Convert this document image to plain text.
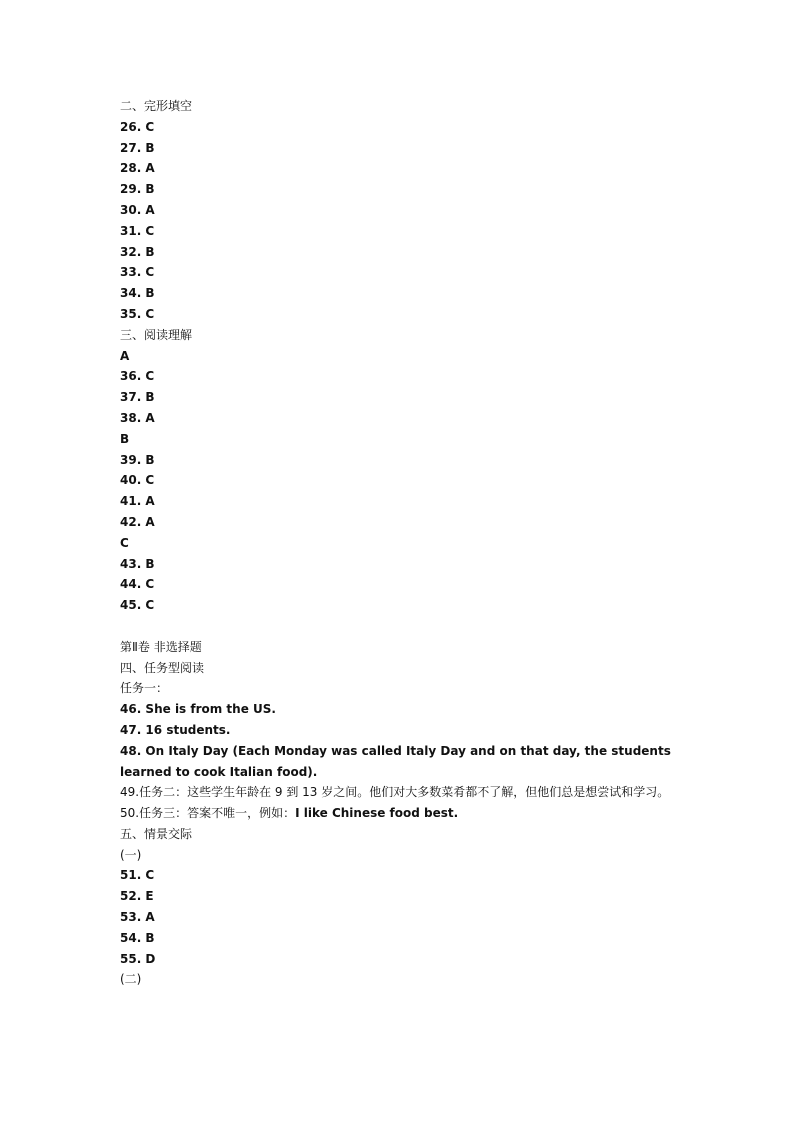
二、完形填空
26. C
27. B
28. A
29. B
30. A
31. C
32. B
33. C
34. B
35. C
三、阅读理解
A
36. C
37. B
38. A
B
39. B
40. C
41. A
42. A
C
43. B
44. C
45. C
第Ⅱ卷 非选择题
四、任务型阅读
任务一：
46. She is from the US.
47. 16 students.
48. On Italy Day (Each Monday was called Italy Day and on that day, the students learned to cook Italian food).
49.任务二：这些学生年龄在 9 到 13 岁之间。他们对大多数菜肴都不了解，但他们总是想尝试和学习。
50.任务三：答案不唯一，例如：I like Chinese food best.
五、情景交际
(一)
51. C
52. E
53. A
54. B
55. D
(二)
